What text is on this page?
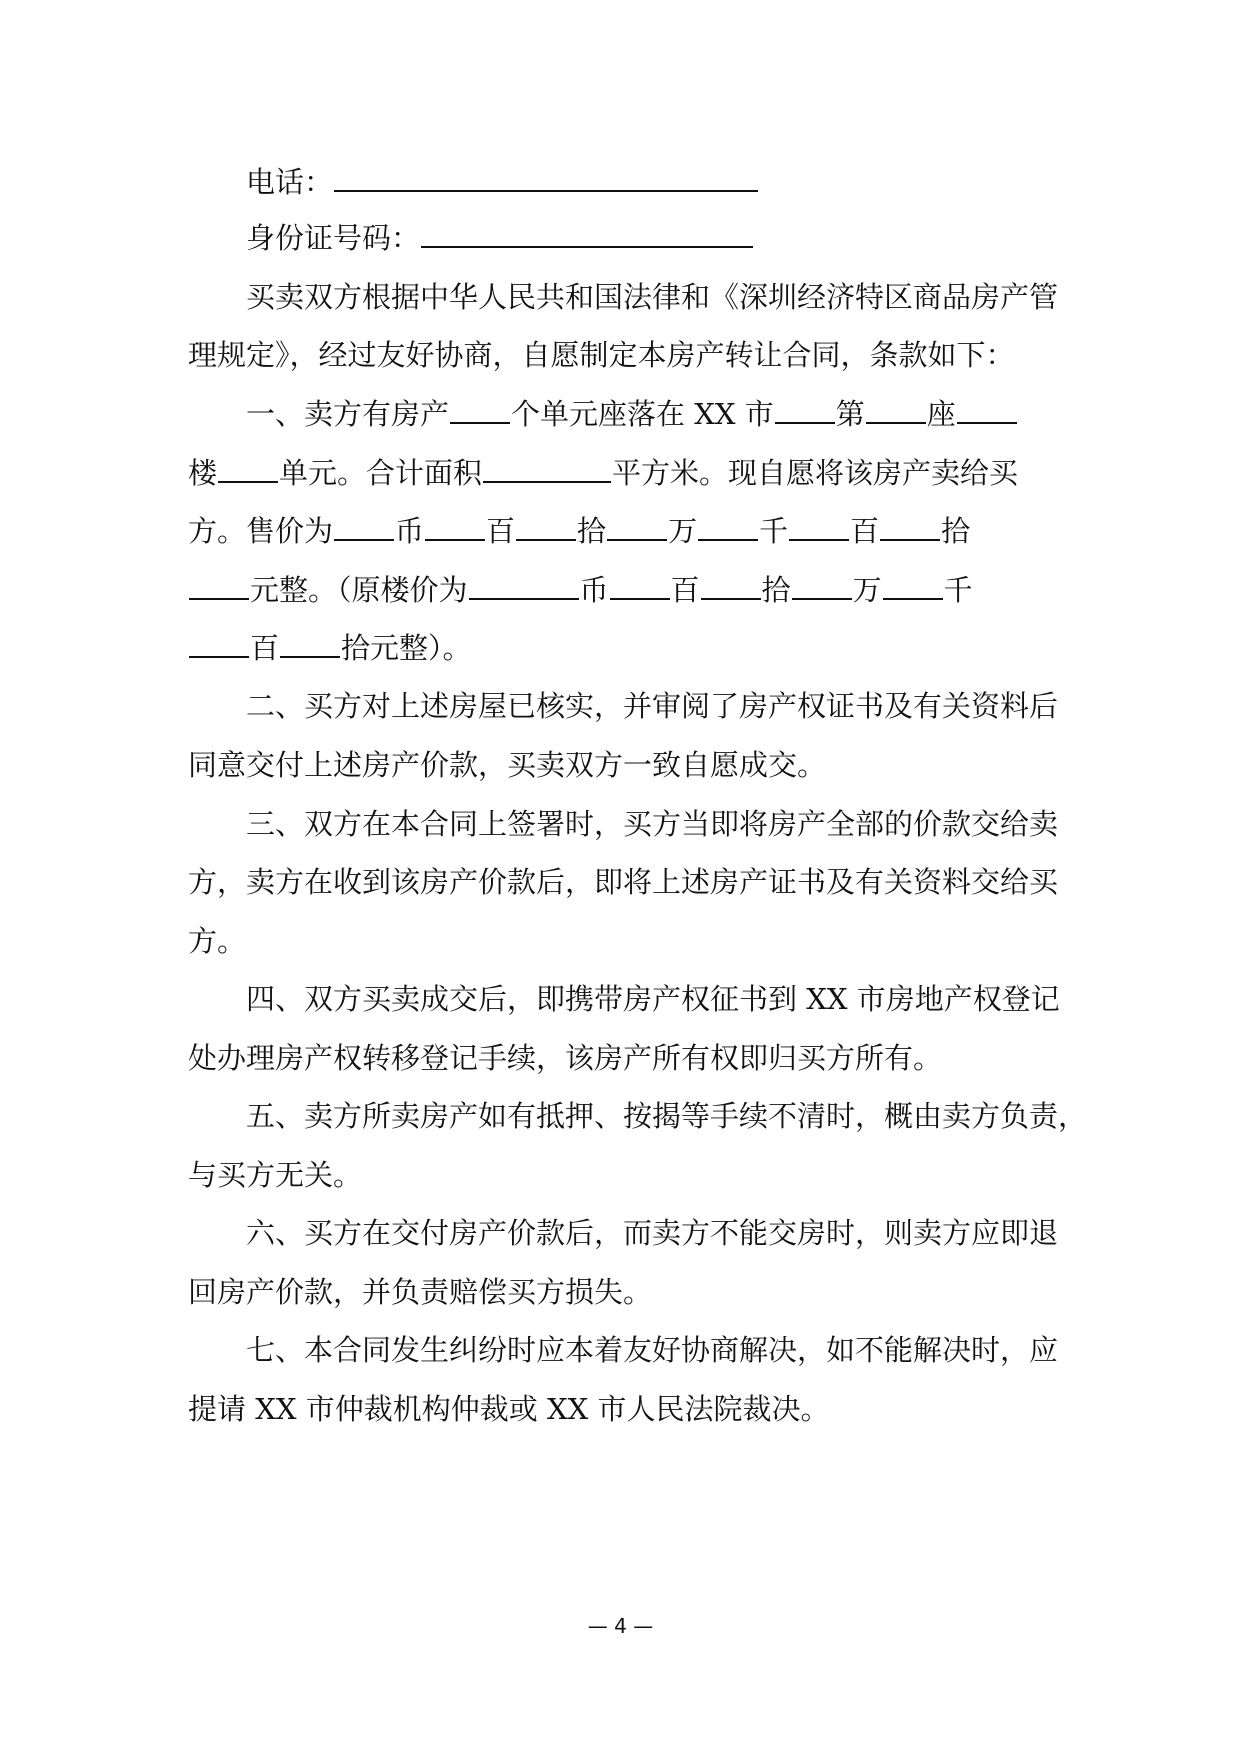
电话：
身份证号码：
买卖双方根据中华人民共和国法律和《深圳经济特区商品房产管
理规定》，经过友好协商，自愿制定本房产转让合同，条款如下：
一、卖方有房产 个单元座落在 XX 市 第 座
楼 单元。合计面积	平方米。现自愿将该房产卖给买
方。售价为 币 百 拾 万 千 百 拾
元整。（原楼价为	币 百 拾 万 千
百 拾元整）。
二、买方对上述房屋已核实，并审阅了房产权证书及有关资料后
同意交付上述房产价款，买卖双方一致自愿成交。
三、双方在本合同上签署时，买方当即将房产全部的价款交给卖
方，卖方在收到该房产价款后，即将上述房产证书及有关资料交给买
方。
四、双方买卖成交后，即携带房产权征书到 XX 市房地产权登记
处办理房产权转移登记手续，该房产所有权即归买方所有。
五、卖方所卖房产如有抵押、按揭等手续不清时，概由卖方负责，
与买方无关。
六、买方在交付房产价款后，而卖方不能交房时，则卖方应即退
回房产价款，并负责赔偿买方损失。
七、本合同发生纠纷时应本着友好协商解决，如不能解决时，应
提请 XX 市仲裁机构仲裁或 XX 市人民法院裁决。
— 4 —
